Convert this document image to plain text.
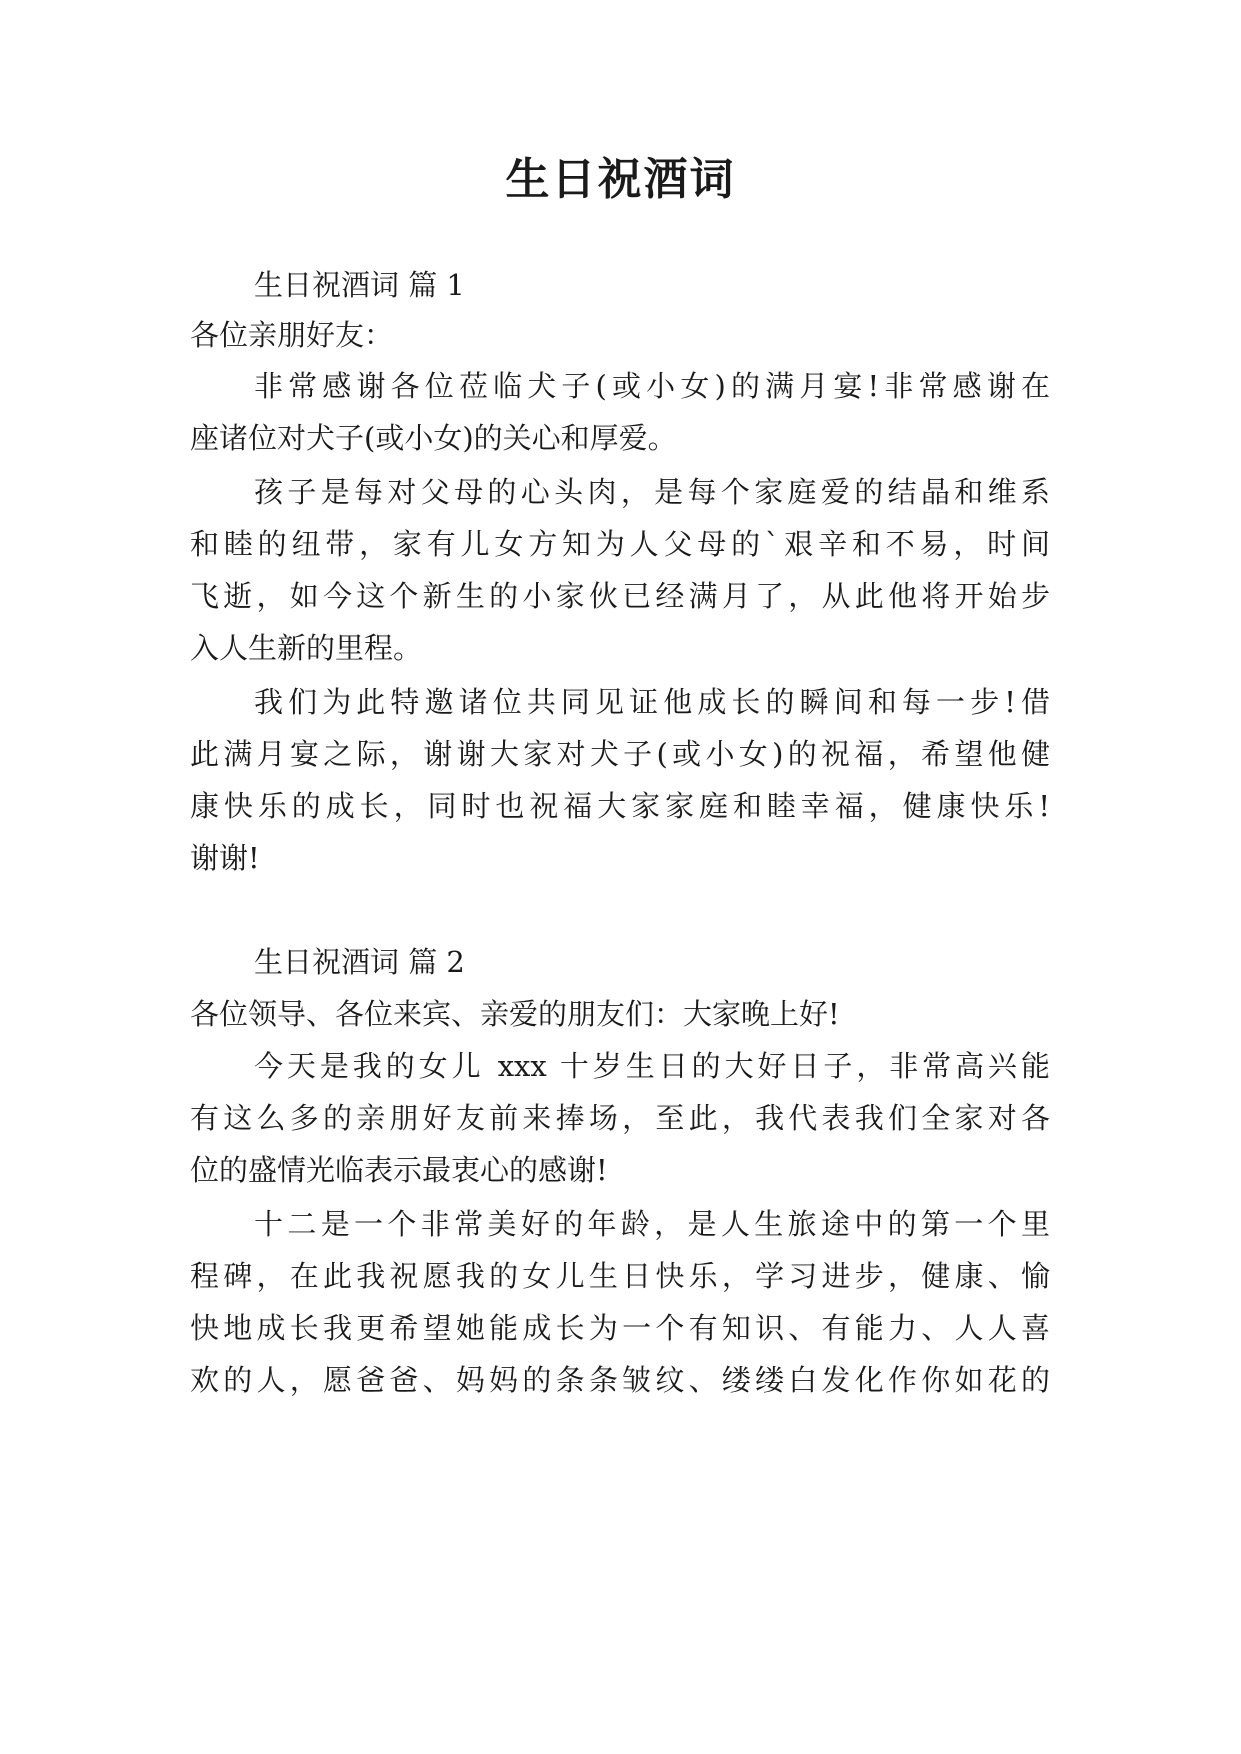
生日祝酒词
生日祝酒词 篇 1
各位亲朋好友：
非常感谢各位莅临犬子(或小女)的满月宴!非常感谢在
座诸位对犬子(或小女)的关心和厚爱。
孩子是每对父母的心头肉，是每个家庭爱的结晶和维系
和睦的纽带，家有儿女方知为人父母的`艰辛和不易，时间
飞逝，如今这个新生的小家伙已经满月了，从此他将开始步
入人生新的里程。
我们为此特邀诸位共同见证他成长的瞬间和每一步!借
此满月宴之际，谢谢大家对犬子(或小女)的祝福，希望他健
康快乐的成长，同时也祝福大家家庭和睦幸福，健康快乐!
谢谢!
生日祝酒词 篇 2
各位领导、各位来宾、亲爱的朋友们：大家晚上好!
今天是我的女儿 xxx 十岁生日的大好日子，非常高兴能
有这么多的亲朋好友前来捧场，至此，我代表我们全家对各
位的盛情光临表示最衷心的感谢!
十二是一个非常美好的年龄，是人生旅途中的第一个里
程碑，在此我祝愿我的女儿生日快乐，学习进步，健康、愉
快地成长我更希望她能成长为一个有知识、有能力、人人喜
欢的人，愿爸爸、妈妈的条条皱纹、缕缕白发化作你如花的
